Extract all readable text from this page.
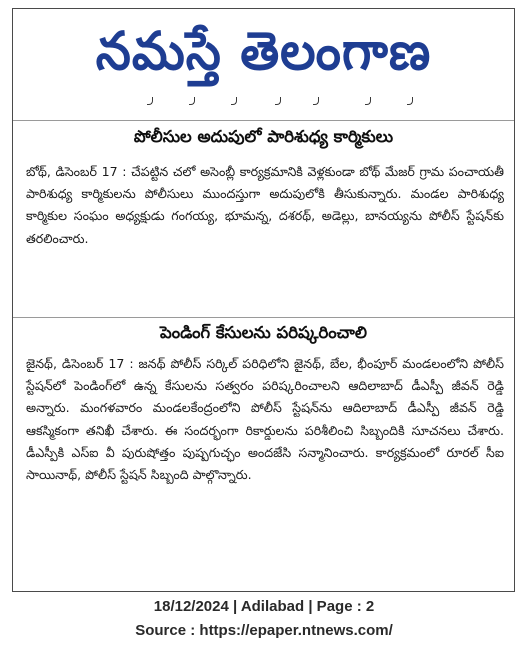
నమస్తే తెలంగాణ
పోలీసుల అదుపులో పారిశుధ్య కార్మికులు
బోథ్, డిసెంబర్ 17 : చేపట్టిన చలో అసెంబ్లీ కార్యక్రమానికి వెళ్లకుండా బోథ్ మేజర్ గ్రామ పంచాయతీ పారిశుధ్య కార్మికులను పోలీసులు ముందస్తుగా అదుపులోకి తీసుకున్నారు. మండల పారిశుధ్య కార్మికుల సంఘం అధ్యక్షుడు గంగయ్య, భూమన్న, దశరథ్, అడెల్లు, బానయ్యను పోలీస్ స్టేషన్‌కు తరలించారు.
పెండింగ్ కేసులను పరిష్కరించాలి
జైనథ్, డిసెంబర్ 17 : జనథ్ పోలీస్ సర్కిల్ పరిధిలోని జైనథ్, బేల, భీంపూర్ మండలంలోని పోలీస్ స్టేషన్‌లో పెండింగ్‌లో ఉన్న కేసులను సత్వరం పరిష్కరించాలని ఆదిలాబాద్ డీఎస్పీ జీవన్ రెడ్డి అన్నారు. మంగళవారం మండలకేంద్రంలోని పోలీస్ స్టేషన్‌ను ఆదిలాబాద్ డీఎస్పీ జీవన్ రెడ్డి ఆకస్మికంగా తనిఖీ చేశారు. ఈ సందర్భంగా రికార్డులను పరిశీలించి సిబ్బందికి సూచనలు చేశారు. డీఎస్పీకి ఎస్ఐ వీ పురుషోత్తం పుష్పగుచ్ఛం అందజేసి సన్మానించారు. కార్యక్రమంలో రూరల్ సీఐ సాయినాథ్, పోలీస్ స్టేషన్ సిబ్బంది పాల్గొన్నారు.
18/12/2024 | Adilabad | Page : 2
Source : https://epaper.ntnews.com/
